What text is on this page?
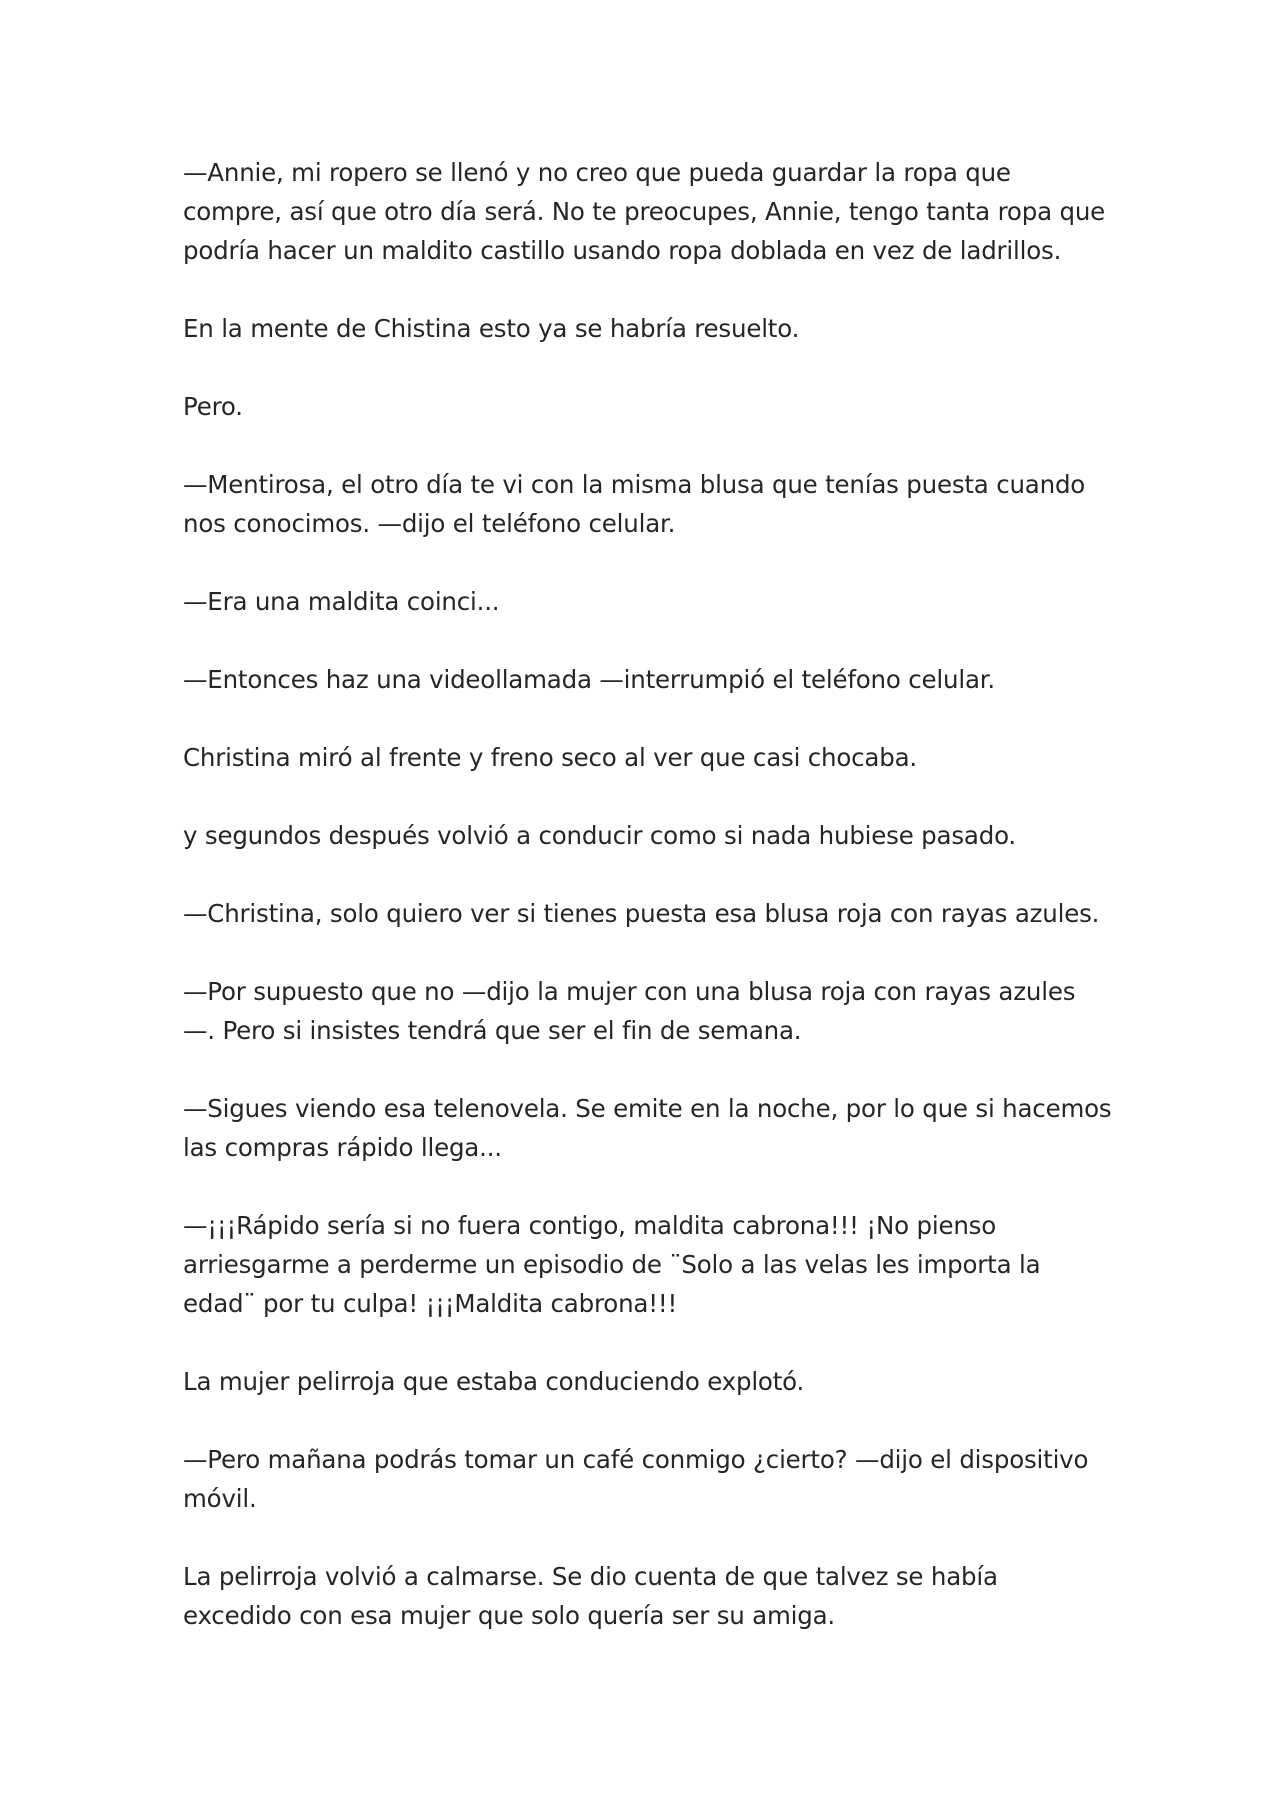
—Annie, mi ropero se llenó y no creo que pueda guardar la ropa que compre, así que otro día será. No te preocupes, Annie, tengo tanta ropa que podría hacer un maldito castillo usando ropa doblada en vez de ladrillos.

En la mente de Chistina esto ya se habría resuelto.

Pero.

—Mentirosa, el otro día te vi con la misma blusa que tenías puesta cuando nos conocimos. —dijo el teléfono celular.

—Era una maldita coinci...

—Entonces haz una videollamada —interrumpió el teléfono celular.

Christina miró al frente y freno seco al ver que casi chocaba.

y segundos después volvió a conducir como si nada hubiese pasado.

—Christina, solo quiero ver si tienes puesta esa blusa roja con rayas azules.

—Por supuesto que no —dijo la mujer con una blusa roja con rayas azules —. Pero si insistes tendrá que ser el fin de semana.

—Sigues viendo esa telenovela. Se emite en la noche, por lo que si hacemos las compras rápido llega...

—¡¡¡Rápido sería si no fuera contigo, maldita cabrona!!! ¡No pienso arriesgarme a perderme un episodio de ¨Solo a las velas les importa la edad¨ por tu culpa! ¡¡¡Maldita cabrona!!!

La mujer pelirroja que estaba conduciendo explotó.

—Pero mañana podrás tomar un café conmigo ¿cierto? —dijo el dispositivo móvil.

La pelirroja volvió a calmarse. Se dio cuenta de que talvez se había excedido con esa mujer que solo quería ser su amiga.
